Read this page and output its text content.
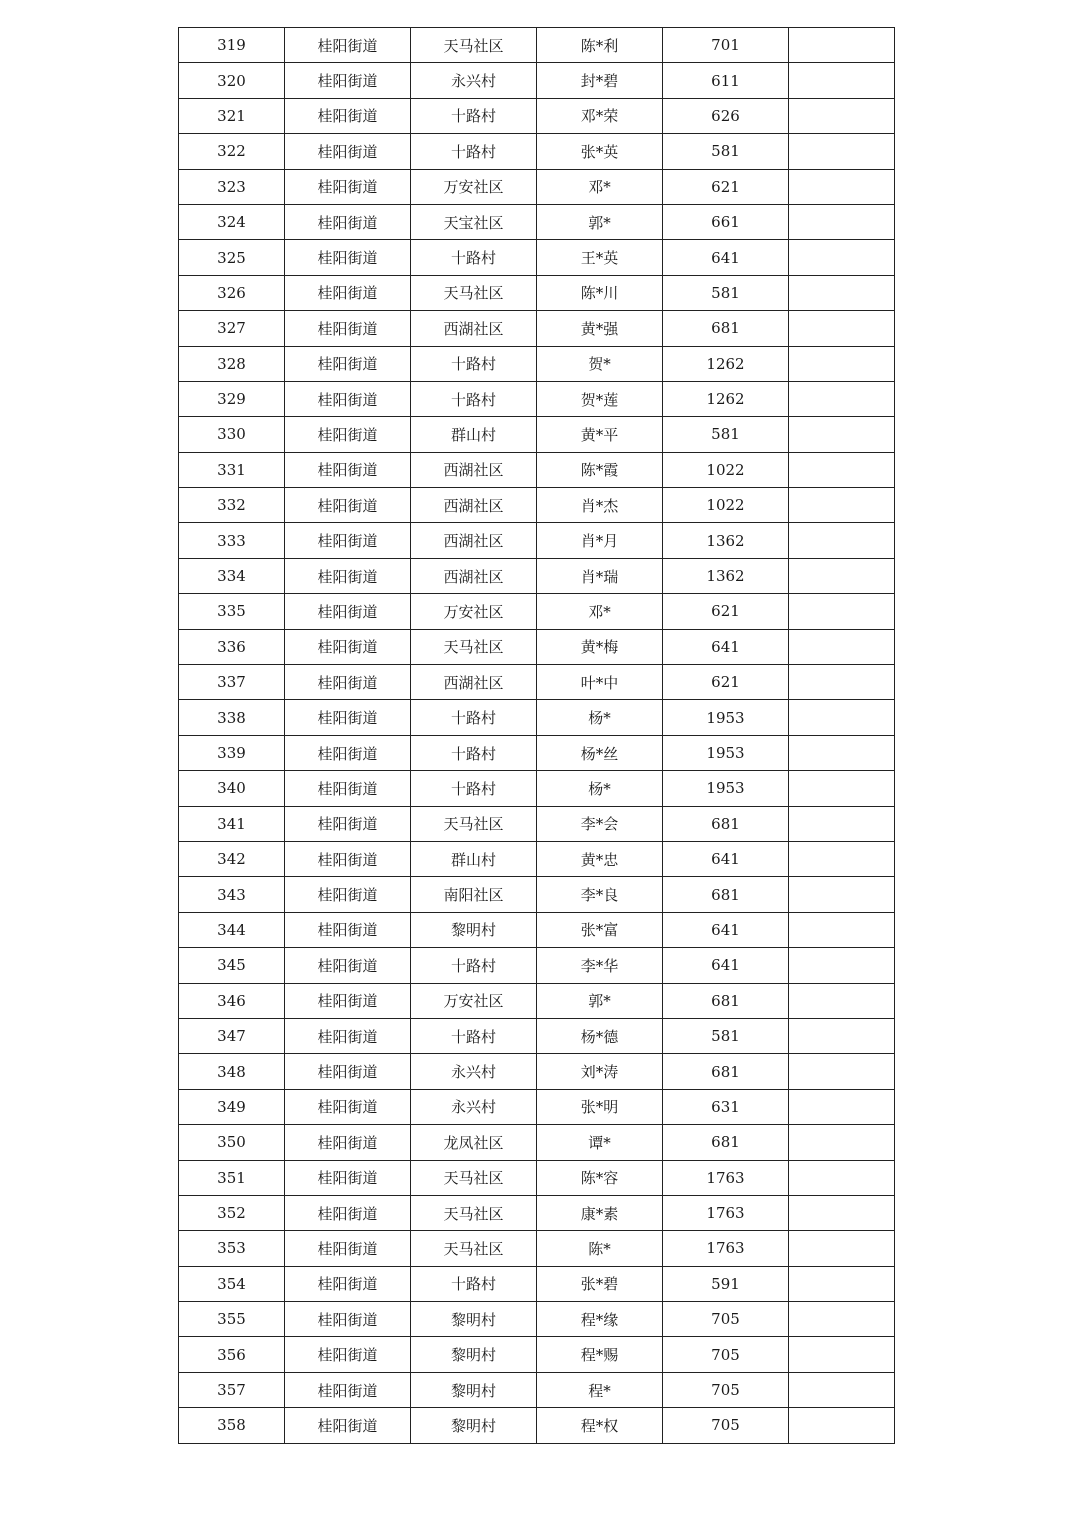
319	桂阳街道	天马社区	陈*利	701	
320	桂阳街道	永兴村	封*碧	611	
321	桂阳街道	十路村	邓*荣	626	
322	桂阳街道	十路村	张*英	581	
323	桂阳街道	万安社区	邓*	621	
324	桂阳街道	天宝社区	郭*	661	
325	桂阳街道	十路村	王*英	641	
326	桂阳街道	天马社区	陈*川	581	
327	桂阳街道	西湖社区	黄*强	681	
328	桂阳街道	十路村	贺*	1262	
329	桂阳街道	十路村	贺*莲	1262	
330	桂阳街道	群山村	黄*平	581	
331	桂阳街道	西湖社区	陈*霞	1022	
332	桂阳街道	西湖社区	肖*杰	1022	
333	桂阳街道	西湖社区	肖*月	1362	
334	桂阳街道	西湖社区	肖*瑞	1362	
335	桂阳街道	万安社区	邓*	621	
336	桂阳街道	天马社区	黄*梅	641	
337	桂阳街道	西湖社区	叶*中	621	
338	桂阳街道	十路村	杨*	1953	
339	桂阳街道	十路村	杨*丝	1953	
340	桂阳街道	十路村	杨*	1953	
341	桂阳街道	天马社区	李*会	681	
342	桂阳街道	群山村	黄*忠	641	
343	桂阳街道	南阳社区	李*良	681	
344	桂阳街道	黎明村	张*富	641	
345	桂阳街道	十路村	李*华	641	
346	桂阳街道	万安社区	郭*	681	
347	桂阳街道	十路村	杨*德	581	
348	桂阳街道	永兴村	刘*涛	681	
349	桂阳街道	永兴村	张*明	631	
350	桂阳街道	龙凤社区	谭*	681	
351	桂阳街道	天马社区	陈*容	1763	
352	桂阳街道	天马社区	康*素	1763	
353	桂阳街道	天马社区	陈*	1763	
354	桂阳街道	十路村	张*碧	591	
355	桂阳街道	黎明村	程*缘	705	
356	桂阳街道	黎明村	程*赐	705	
357	桂阳街道	黎明村	程*	705	
358	桂阳街道	黎明村	程*权	705	
